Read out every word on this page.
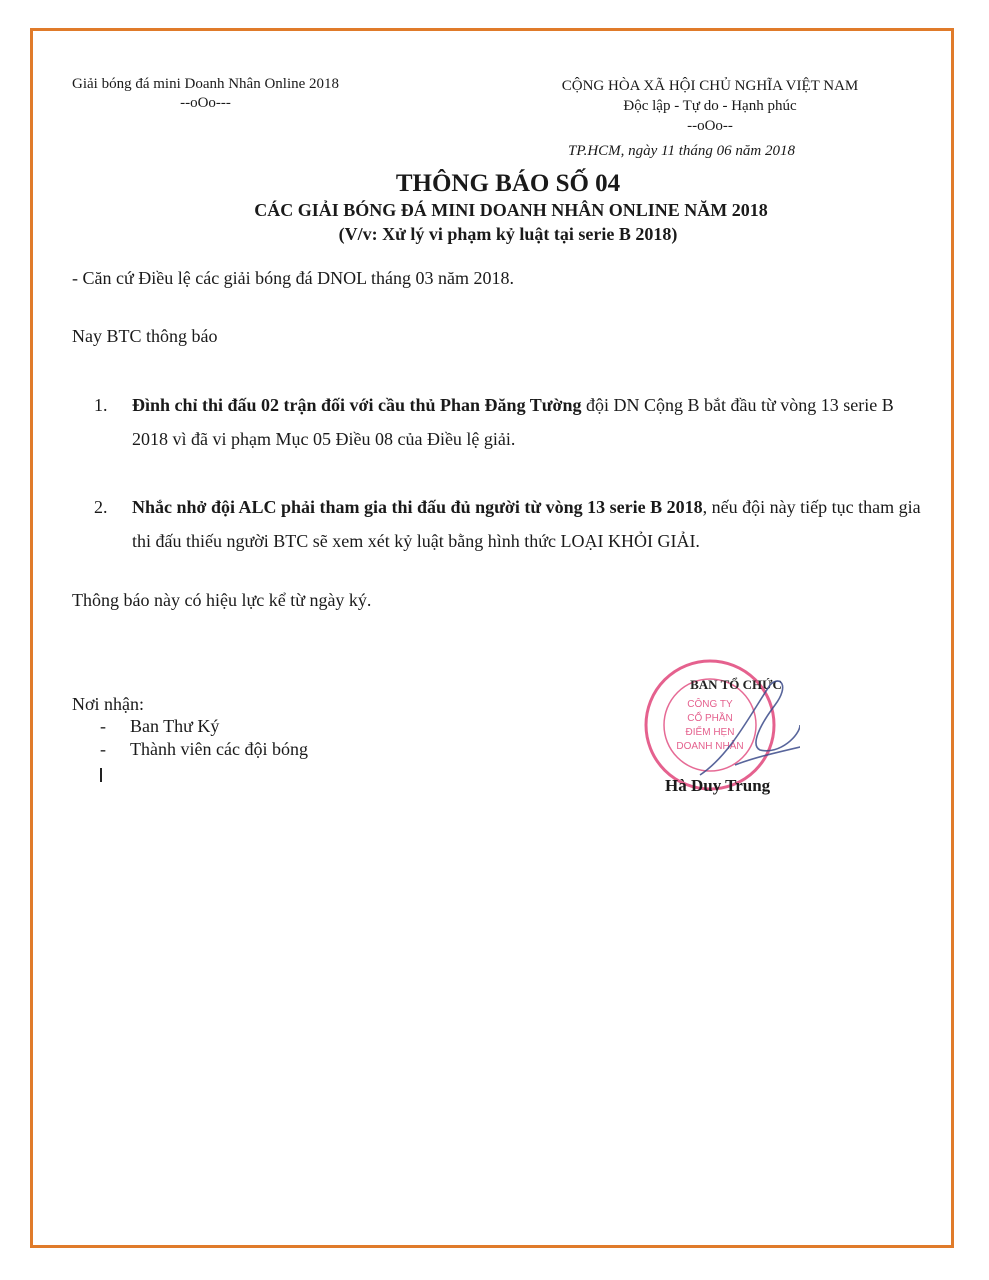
Giải bóng đá mini Doanh Nhân Online 2018
--oOo---
CỘNG HÒA XÃ HỘI CHỦ NGHĨA VIỆT NAM
Độc lập - Tự do - Hạnh phúc
--oOo--
TP.HCM, ngày 11 tháng 06 năm 2018
THÔNG BÁO SỐ 04
CÁC GIẢI BÓNG ĐÁ MINI DOANH NHÂN ONLINE NĂM 2018
(V/v: Xử lý vi phạm kỷ luật tại serie B 2018)
- Căn cứ Điều lệ các giải bóng đá DNOL tháng 03 năm 2018.
Nay BTC thông báo
1. Đình chỉ thi đấu 02 trận đối với cầu thủ Phan Đăng Tường đội DN Cộng B bắt đầu từ vòng 13 serie B 2018 vì đã vi phạm Mục 05 Điều 08 của Điều lệ giải.
2. Nhắc nhở đội ALC phải tham gia thi đấu đủ người từ vòng 13 serie B 2018, nếu đội này tiếp tục tham gia thi đấu thiếu người BTC sẽ xem xét kỷ luật bằng hình thức LOẠI KHỎI GIẢI.
Thông báo này có hiệu lực kể từ ngày ký.
Nơi nhận:
- Ban Thư Ký
- Thành viên các đội bóng
CÔNG TY
CỔ PHẦN
ĐIỂM HẸN
DOANH NHÂN
BAN TỔ CHỨC
Hà Duy Trung
